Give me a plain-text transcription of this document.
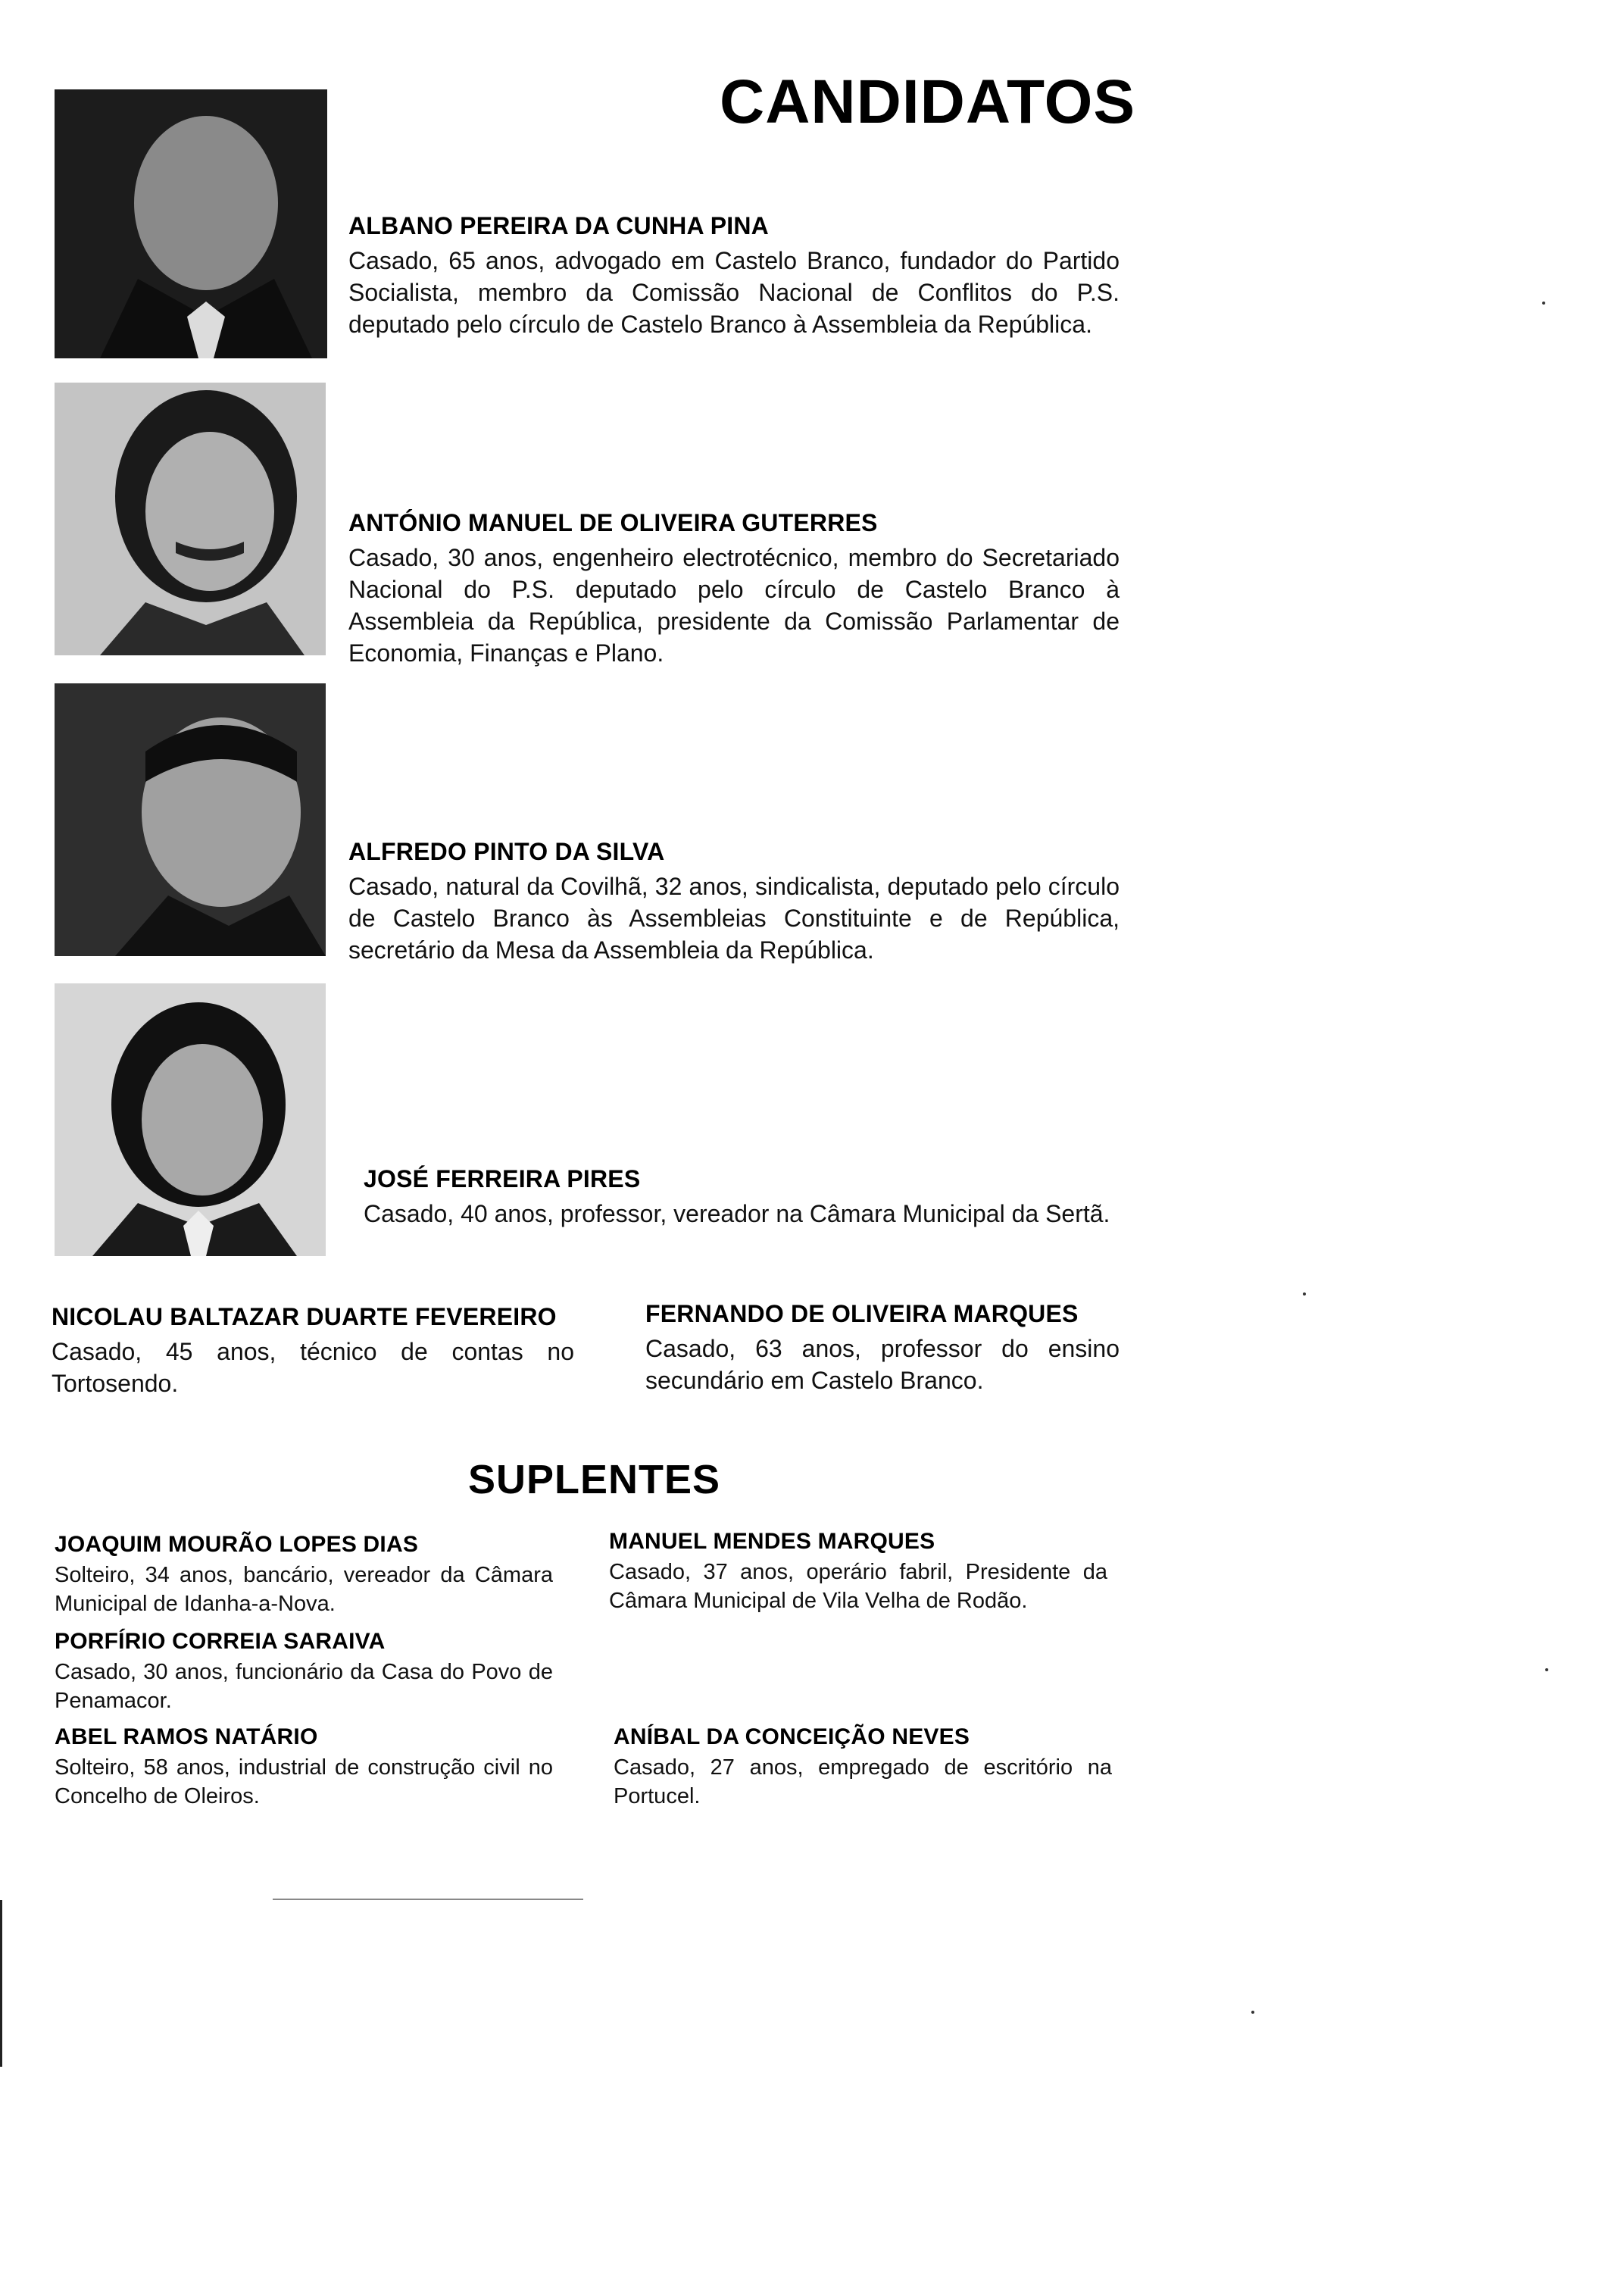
CANDIDATOS
ALBANO PEREIRA DA CUNHA PINA
Casado, 65 anos, advogado em Castelo Branco, fundador do Partido Socialista, membro da Comissão Nacional de Conflitos do P.S. deputado pelo círculo de Castelo Branco à Assembleia da República.
ANTÓNIO MANUEL DE OLIVEIRA GUTERRES
Casado, 30 anos, engenheiro electrotécnico, membro do Secretariado Nacional do P.S. deputado pelo círculo de Castelo Branco à Assembleia da República, presidente da Comissão Parlamentar de Economia, Finanças e Plano.
ALFREDO PINTO DA SILVA
Casado, natural da Covilhã, 32 anos, sindicalista, deputado pelo círculo de Castelo Branco às Assembleias Constituinte e de República, secretário da Mesa da Assembleia da República.
JOSÉ FERREIRA PIRES
Casado, 40 anos, professor, vereador na Câmara Municipal da Sertã.
NICOLAU BALTAZAR DUARTE FEVEREIRO
Casado, 45 anos, técnico de contas no Tortosendo.
FERNANDO DE OLIVEIRA MARQUES
Casado, 63 anos, professor do ensino secundário em Castelo Branco.
SUPLENTES
JOAQUIM MOURÃO LOPES DIAS
Solteiro, 34 anos, bancário, vereador da Câmara Municipal de Idanha-a-Nova.
PORFÍRIO CORREIA SARAIVA
Casado, 30 anos, funcionário da Casa do Povo de Penamacor.
ABEL RAMOS NATÁRIO
Solteiro, 58 anos, industrial de construção civil no Concelho de Oleiros.
MANUEL MENDES MARQUES
Casado, 37 anos, operário fabril, Presidente da Câmara Municipal de Vila Velha de Rodão.
ANÍBAL DA CONCEIÇÃO NEVES
Casado, 27 anos, empregado de escritório na Portucel.
